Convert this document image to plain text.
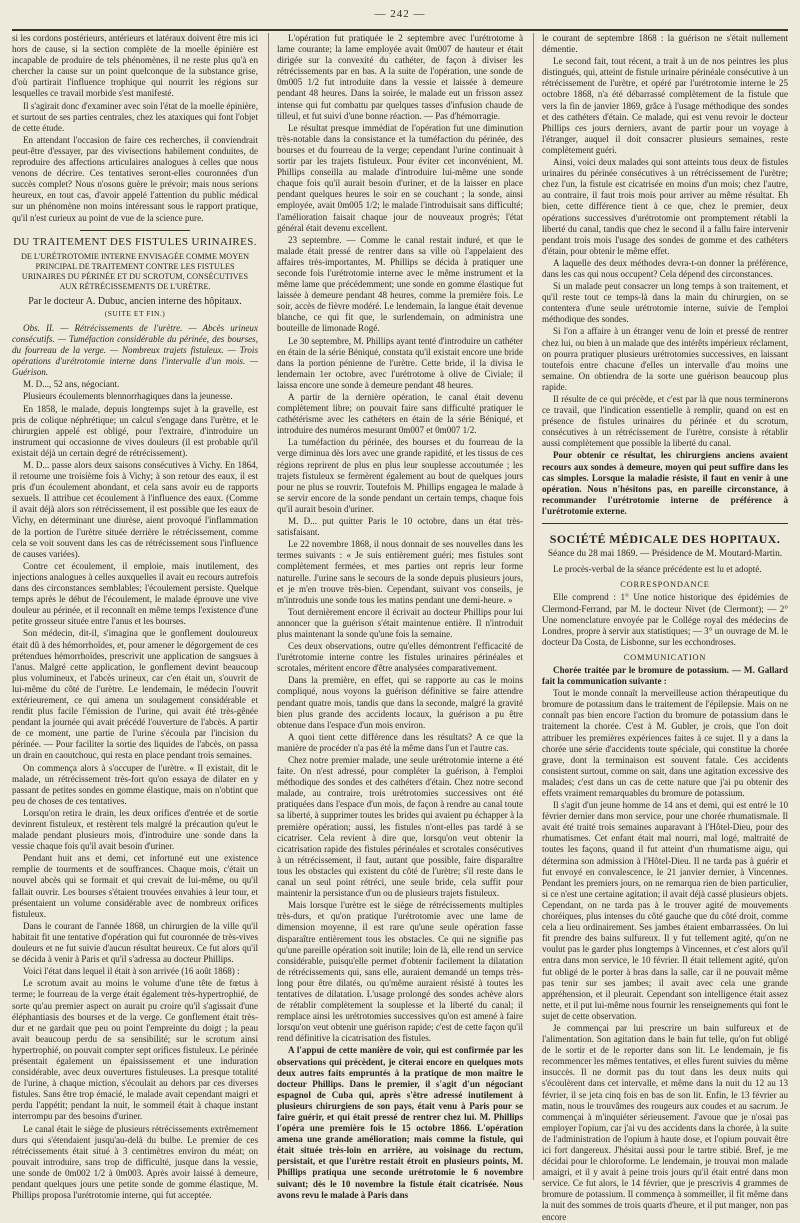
— 242 —

si les cordons postérieurs, antérieurs et latéraux doivent être mis ici hors de cause, si la section complète de la moelle épinière est incapable de produire de tels phénomènes, il ne reste plus qu'à en chercher la cause sur un point quelconque de la substance grise, d'où partirait l'influence trophique qui nourrit les régions sur lesquelles ce travail morbide s'est manifesté.

Il s'agirait donc d'examiner avec soin l'état de la moelle épinière, et surtout de ses parties centrales, chez les ataxiques qui font l'objet de cette étude.

En attendant l'occasion de faire ces recherches, il conviendrait peut-être d'essayer, par des vivisections habilement conduites, de reproduire des affections articulaires analogues à celles que nous venons de décrire. Ces tentatives seront-elles couronnées d'un succès complet? Nous n'osons guère le prévoir; mais nous serions heureux, en tout cas, d'avoir appelé l'attention du public médical sur un phénomène non moins intéressant sous le rapport pratique, qu'il n'est curieux au point de vue de la science pure.

DU TRAITEMENT DES FISTULES URINAIRES.
DE L'URÉTROTOMIE INTERNE ENVISAGÉE COMME MOYEN PRINCIPAL DE TRAITEMENT CONTRE LES FISTULES URINAIRES DU PÉRINÉE ET DU SCROTUM, CONSÉCUTIVES AUX RÉTRÉCISSEMENTS DE L'URÈTRE.
Par le docteur A. Dubuc, ancien interne des hôpitaux.
(SUITE ET FIN.)

Obs. II. — Rétrécissements de l'urètre. — Abcès urineux consécutifs. — Tuméfaction considérable du périnée, des bourses, du fourreau de la verge. — Nombreux trajets fistuleux. — Trois opérations d'urétrotomie interne dans l'intervalle d'un mois. — Guérison.

M. D..., 52 ans, négociant.

Plusieurs écoulements blennorrhagiques dans la jeunesse.

En 1858, le malade, depuis longtemps sujet à la gravelle, est pris de colique néphrétique; un calcul s'engage dans l'urètre, et le chirurgien appelé est obligé, pour l'extraire, d'introduire un instrument qui occasionne de vives douleurs (il est probable qu'il existait déjà un certain degré de rétrécissement).

M. D... passe alors deux saisons consécutives à Vichy. En 1864, il retourne une troisième fois à Vichy; à son retour des eaux, il est pris d'un écoulement abondant, et cela sans avoir eu de rapports sexuels. Il attribue cet écoulement à l'influence des eaux. (Comme il avait déjà alors son rétrécissement, il est possible que les eaux de Vichy, en déterminant une diurèse, aient provoqué l'inflammation de la portion de l'urètre située derrière le rétrécissement, comme cela se voit souvent dans les cas de rétrécissement sous l'influence de causes variées).

Contre cet écoulement, il emploie, mais inutilement, des injections analogues à celles auxquelles il avait eu recours autrefois dans des circonstances semblables; l'écoulement persiste. Quelque temps après le début de l'écoulement, le malade éprouve une vive douleur au périnée, et il reconnaît en même temps l'existence d'une petite grosseur située entre l'anus et les bourses.

Son médecin, dit-il, s'imagina que le gonflement douloureux était dû à des hémorrhoïdes, et, pour amener le dégorgement de ces prétendues hémorrhoïdes, prescrivit une application de sangsues à l'anus. Malgré cette application, le gonflement devint beaucoup plus volumineux, et l'abcès urineux, car c'en était un, s'ouvrit de lui-même du côté de l'urètre. Le lendemain, le médecin l'ouvrit extérieurement, ce qui amena un soulagement considérable et rendit plus facile l'émission de l'urine, qui avait été très-gênée pendant la journée qui avait précédé l'ouverture de l'abcès. A partir de ce moment, une partie de l'urine s'écoula par l'incision du périnée. — Pour faciliter la sortie des liquides de l'abcès, on passa un drain en caoutchouc, qui resta en place pendant trois semaines.

On commença alors à s'occuper de l'urètre. « Il existait, dit le malade, un rétrécissement très-fort qu'on essaya de dilater en y passant de petites sondes en gomme élastique, mais on n'obtint que peu de choses de ces tentatives.

Lorsqu'on retira le drain, les deux orifices d'entrée et de sortie devinrent fistuleux, et restèrent tels malgré la précaution qu'eut le malade pendant plusieurs mois, d'introduire une sonde dans la vessie chaque fois qu'il avait besoin d'uriner.

Pendant huit ans et demi, cet infortuné eut une existence remplie de tourments et de souffrances. Chaque mois, c'était un nouvel abcès qui se formait et qui crevait de lui-même, ou qu'il fallait ouvrir. Les bourses s'étaient trouvées envahies à leur tour, et présentaient un volume considérable avec de nombreux orifices fistuleux.

Dans le courant de l'année 1868, un chirurgien de la ville qu'il habitait fit une tentative d'opération qui fut couronnée de très-vives douleurs et ne fut suivie d'aucun résultat heureux. Ce fut alors qu'il se décida à venir à Paris et qu'il s'adressa au docteur Phillips.

Voici l'état dans lequel il était à son arrivée (16 août 1868) :

Le scrotum avait au moins le volume d'une tête de fœtus à terme; le fourreau de la verge était également très-hypertrophié, de sorte qu'au premier aspect on aurait pu croire qu'il s'agissait d'une éléphantiasis des bourses et de la verge. Ce gonflement était très-dur et ne gardait que peu ou point l'empreinte du doigt ; la peau avait beaucoup perdu de sa sensibilité; sur le scrotum ainsi hypertrophié, on pouvait compter sept orifices fistuleux. Le périnée présentait également un épaississement et une induration considérable, avec deux ouvertures fistuleuses. La presque totalité de l'urine, à chaque miction, s'écoulait au dehors par ces diverses fistules. Sans être trop émacié, le malade avait cependant maigri et perdu l'appétit; pendant la nuit, le sommeil était à chaque instant interrompu par des besoins d'uriner.

Le canal était le siège de plusieurs rétrécissements extrêmement durs qui s'étendaient jusqu'au-delà du bulbe. Le premier de ces rétrécissements était situé à 3 centimètres environ du méat; on pouvait introduire, sans trop de difficulté, jusque dans la vessie, une sonde de 0m002 1/2 à 0m003. Après avoir laissé à demeure, pendant quelques jours une petite sonde de gomme élastique, M. Phillips proposa l'urétrotomie interne, qui fut acceptée.

L'opération fut pratiquée le 2 septembre avec l'urétrotome à lame courante; la lame employée avait 0m007 de hauteur et était dirigée sur la convexité du cathéter, de façon à diviser les rétrécissements par en bas. A la suite de l'opération, une sonde de 0m005 1/2 fut introduite dans la vessie et laissée à demeure pendant 48 heures. Dans la soirée, le malade eut un frisson assez intense qui fut combattu par quelques tasses d'infusion chaude de tilleul, et fut suivi d'une bonne réaction. — Pas d'hémorragie.

Le résultat presque immédiat de l'opération fut une diminution très-notable dans la consistance et la tuméfaction du périnée, des bourses et du fourreau de la verge; cependant l'urine continuait à sortir par les trajets fistuleux. Pour éviter cet inconvénient, M. Phillips conseilla au malade d'introduire lui-même une sonde chaque fois qu'il aurait besoin d'uriner, et de la laisser en place pendant quelques heures le soir en se couchant ; la sonde, ainsi employée, avait 0m005 1/2; le malade l'introduisait sans difficulté; l'amélioration faisait chaque jour de nouveaux progrès; l'état général était devenu excellent.

23 septembre. — Comme le canal restait induré, et que le malade était pressé de rentrer dans sa ville où l'appelaient des affaires très-importantes, M. Phillips se décida à pratiquer une seconde fois l'urétrotomie interne avec le même instrument et la même lame que précédemment; une sonde en gomme élastique fut laissée à demeure pendant 48 heures, comme la première fois. Le soir, accès de fièvre modéré. Le lendemain, la langue était devenue blanche, ce qui fit que, le surlendemain, on administra une bouteille de limonade Rogé.

Le 30 septembre, M. Phillips ayant tenté d'introduire un cathéter en étain de la série Béniqué, constata qu'il existait encore une bride dans la portion pénienne de l'urètre. Cette bride, il la divisa le lendemain 1er octobre, avec l'urétrotome à olive de Civiale; il laissa encore une sonde à demeure pendant 48 heures.

A partir de la dernière opération, le canal était devenu complètement libre; on pouvait faire sans difficulté pratiquer le cathétérisme avec les cathéters en étain de la série Béniqué, et introduire des numéros mesurant 0m007 et 0m007 1/2.

La tuméfaction du périnée, des bourses et du fourreau de la verge diminua dès lors avec une grande rapidité, et les tissus de ces régions reprirent de plus en plus leur souplesse accoutumée ; les trajets fistuleux se fermèrent également au bout de quelques jours pour ne plus se rouvrir. Toutefois M. Phillips engagea le malade à se servir encore de la sonde pendant un certain temps, chaque fois qu'il aurait besoin d'uriner.

M. D... put quitter Paris le 10 octobre, dans un état très-satisfaisant.

Le 22 novembre 1868, il nous donnait de ses nouvelles dans les termes suivants : « Je suis entièrement guéri; mes fistules sont complètement fermées, et mes parties ont repris leur forme naturelle. J'urine sans le secours de la sonde depuis plusieurs jours, et je m'en trouve très-bien. Cependant, suivant vos conseils, je m'introduis une sonde tous les matins pendant une demi-heure. »

Tout dernièrement encore il écrivait au docteur Phillips pour lui annoncer que la guérison s'était maintenue entière. Il n'introduit plus maintenant la sonde qu'une fois la semaine.

Ces deux observations, outre qu'elles démontrent l'efficacité de l'urétrotomie interne contre les fistules urinaires périnéales et scrotales, méritent encore d'être analysées comparativement.

Dans la première, en effet, qui se rapporte au cas le moins compliqué, nous voyons la guérison définitive se faire attendre pendant quatre mois, tandis que dans la seconde, malgré la gravité bien plus grande des accidents locaux, la guérison a pu être obtenue dans l'espace d'un mois environ.

A quoi tient cette différence dans les résultats? A ce que la manière de procéder n'a pas été la même dans l'un et l'autre cas.

Chez notre premier malade, une seule urétrotomie interne a été faite. On n'est adressé, pour compléter la guérison, à l'emploi méthodique des sondes et des cathéters d'étain. Chez notre second malade, au contraire, trois urétrotomies successives ont été pratiquées dans l'espace d'un mois, de façon à rendre au canal toute sa liberté, à supprimer toutes les brides qui avaient pu échapper à la première opération; aussi, les fistules n'ont-elles pas tardé à se cicatriser. Cela revient à dire que, lorsqu'on veut obtenir la cicatrisation rapide des fistules périnéales et scrotales consécutives à un rétrécissement, il faut, autant que possible, faire disparaître tous les obstacles qui existent du côté de l'urètre; s'il reste dans le canal un seul point rétréci, une seule bride, cela suffit pour maintenir la persistance d'un ou de plusieurs trajets fistuleux.

Mais lorsque l'urètre est le siège de rétrécissements multiples très-durs, et qu'on pratique l'urétrotomie avec une lame de dimension moyenne, il est rare qu'une seule opération fasse disparaître entièrement tous les obstacles. Ce qui ne signifie pas qu'une pareille opération soit inutile; loin de là, elle rend un service considérable, puisqu'elle permet d'obtenir facilement la dilatation de rétrécissements qui, sans elle, auraient demandé un temps très-long pour être dilatés, ou qu'même auraient résisté à toutes les tentatives de dilatation. L'usage prolongé des sondes achève alors de rétablir complètement la souplesse et la liberté du canal; il remplace ainsi les urétrotomies successives qu'on est amené à faire lorsqu'on veut obtenir une guérison rapide; c'est de cette façon qu'il rend définitive la cicatrisation des fistules.

A l'appui de cette manière de voir, qui est confirmée par les observations qui précèdent, je citerai encore en quelques mots deux autres faits empruntés à la pratique de mon maître le docteur Phillips. Dans le premier, il s'agit d'un négociant espagnol de Cuba qui, après s'être adressé inutilement à plusieurs chirurgiens de son pays, était venu à Paris pour se faire guérir, et qui était pressé de rentrer chez lui. M. Phillips l'opéra une première fois le 15 octobre 1866. L'opération amena une grande amélioration; mais comme la fistule, qui était située très-loin en arrière, au voisinage du rectum, persistait, et que l'urètre restait étroit en plusieurs points, M. Phillips pratiqua une seconde urétrotomie le 6 novembre suivant; dès le 10 novembre la fistule était cicatrisée. Nous avons revu le malade à Paris dans

le courant de septembre 1868 : la guérison ne s'était nullement démentie.

Le second fait, tout récent, a trait à un de nos peintres les plus distingués, qui, atteint de fistule urinaire périnéale consécutive à un rétrécissement de l'urètre, et opéré par l'urétrotomie interne le 25 octobre 1868, n'a été débarrassé complètement de la fistule que vers la fin de janvier 1869, grâce à l'usage méthodique des sondes et des cathéters d'étain. Ce malade, qui est venu revoir le docteur Phillips ces jours derniers, avant de partir pour un voyage à l'étranger, auquel il doit consacrer plusieurs semaines, reste complètement guéri.

Ainsi, voici deux malades qui sont atteints tous deux de fistules urinaires du périnée consécutives à un rétrécissement de l'urètre; chez l'un, la fistule est cicatrisée en moins d'un mois; chez l'autre, au contraire, il faut trois mois pour arriver au même résultat. Eh bien, cette différence tient à ce que, chez le premier, deux opérations successives d'urétrotomie ont promptement rétabli la liberté du canal, tandis que chez le second il a fallu faire intervenir pendant trois mois l'usage des sondes de gomme et des cathéters d'étain, pour obtenir le même effet.

A laquelle des deux méthodes devra-t-on donner la préférence, dans les cas qui nous occupent? Cela dépend des circonstances.

Si un malade peut consacrer un long temps à son traitement, et qu'il reste tout ce temps-là dans la main du chirurgien, on se contentera d'une seule urétrotomie interne, suivie de l'emploi méthodique des sondes.

Si l'on a affaire à un étranger venu de loin et pressé de rentrer chez lui, ou bien à un malade que des intérêts impérieux réclament, on pourra pratiquer plusieurs urétrotomies successives, en laissant toutefois entre chacune d'elles un intervalle d'au moins une semaine. On obtiendra de la sorte une guérison beaucoup plus rapide.

Il résulte de ce qui précède, et c'est par là que nous terminerons ce travail, que l'indication essentielle à remplir, quand on est en présence de fistules urinaires du périnée et du scrotum, consécutives à un rétrécissement de l'urètre, consiste à rétablir aussi complètement que possible la liberté du canal.

Pour obtenir ce résultat, les chirurgiens anciens avaient recours aux sondes à demeure, moyen qui peut suffire dans les cas simples. Lorsque la maladie résiste, il faut en venir à une opération. Nous n'hésitons pas, en pareille circonstance, à recommander l'urétrotomie interne de préférence à l'urétrotomie externe.

SOCIÉTÉ MÉDICALE DES HOPITAUX.
Séance du 28 mai 1869. — Présidence de M. Moutard-Martin.

Le procès-verbal de la séance précédente est lu et adopté.

CORRESPONDANCE

Elle comprend : 1° Une notice historique des épidémies de Clermond-Ferrand, par M. le docteur Nivet (de Clermont); — 2° Une nomenclature envoyée par le Collége royal des médecins de Londres, propre à servir aux statistiques; — 3° un ouvrage de M. le docteur Da Costa, de Lisbonne, sur les ecchondroses.

COMMUNICATION

Chorée traitée par le bromure de potassium. — M. Gallard fait la communication suivante :

Tout le monde connaît la merveilleuse action thérapeutique du bromure de potassium dans le traitement de l'épilepsie. Mais on ne connaît pas bien encore l'action du bromure de potassium dans le traitement la chorée. C'est à M. Gubler, je crois, que l'on doit attribuer les premières expériences faites à ce sujet. Il y a dans la chorée une série d'accidents toute spéciale, qui constitue la chorée grave, dont la terminaison est souvent fatale. Ces accidents consistent surtout, comme on sait, dans une agitation excessive des malades; c'est dans un cas de cette nature que j'ai pu obtenir des effets vraiment remarquables du bromure de potassium.

Il s'agit d'un jeune homme de 14 ans et demi, qui est entré le 10 février dernier dans mon service, pour une chorée rhumatismale. Il avait été traité trois semaines auparavant à l'Hôtel-Dieu, pour des rhumatismes. Cet enfant était mal nourri, mal logé, maltraité de toutes les façons, quand il fut atteint d'un rhumatisme aigu, qui détermina son admission à l'Hôtel-Dieu. Il ne tarda pas à guérir et fut envoyé en convalescence, le 21 janvier dernier, à Vincennes. Pendant les premiers jours, on ne remarqua rien de bien particulier, si ce n'est une certaine agitation; il avait déjà cassé plusieurs objets. Cependant, on ne tarda pas à le trouver agité de mouvements choréiques, plus intenses du côté gauche que du côté droit, comme cela a lieu ordinairement. Ses jambes étaient embarrassées. On lui fit prendre des bains sulfureux. Il y fut tellement agité, qu'on ne voulut pas le garder plus longtemps à Vincennes, et c'est alors qu'il entra dans mon service, le 10 février. Il était tellement agité, qu'on fut obligé de le porter à bras dans la salle, car il ne pouvait même pas tenir sur ses jambes; il avait avec cela une grande appréhension, et il pleurait. Cependant son intelligence était assez nette, et il put lui-même nous fournir les renseignements qui font le sujet de cette observation.

Je commençai par lui prescrire un bain sulfureux et de l'alimentation. Son agitation dans le bain fut telle, qu'on fut obligé de le sortir et de le reporter dans son lit. Le lendemain, je fis recommencer les mêmes tentatives, et elles furent suivies du même insuccès. Il ne dormit pas du tout dans les deux nuits qui s'écoulèrent dans cet intervalle, et même dans la nuit du 12 au 13 février, il se jeta cinq fois en bas de son lit. Enfin, le 13 février au matin, nous le trouvâmes des rougeurs aux coudes et au sacrum. Je commençai à m'inquiéter sérieusement. J'avoue que je n'osai pas employer l'opium, car j'ai vu des accidents dans la chorée, à la suite de l'administration de l'opium à haute dose, et l'opium pouvait être ici fort dangereux. J'hésitai aussi pour le tartre stibié. Bref, je me décidai pour le chloroforme. Le lendemain, je trouvai mon malade amaigri, et il y avait à peine trois jours qu'il était entré dans mon service. Ce fut alors, le 14 février, que je prescrivis 4 grammes de bromure de potassium. Il commença à sommeiller, il fit même dans la nuit des sommes de trois quarts d'heure, et il put manger, non pas encore
